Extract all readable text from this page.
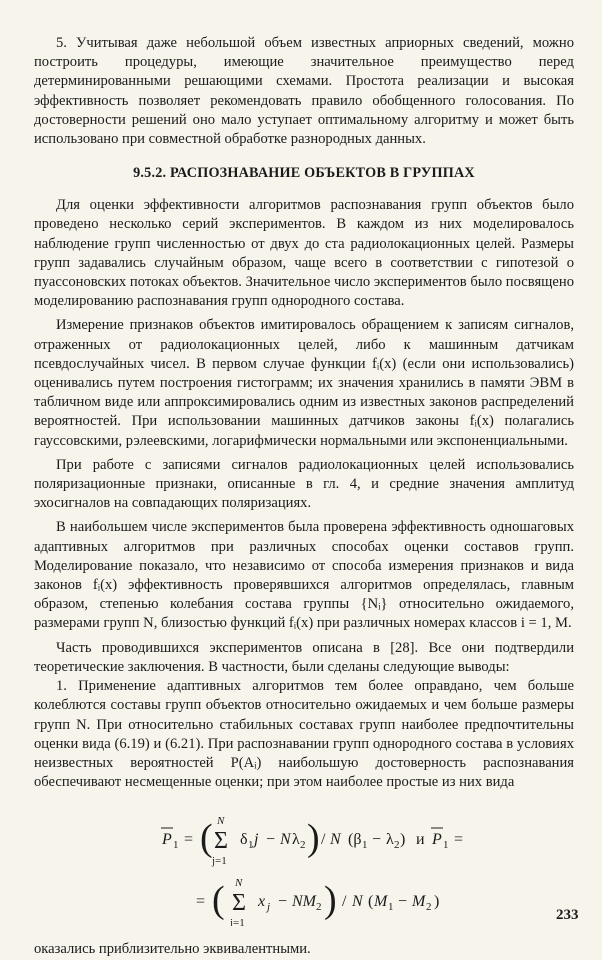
5. Учитывая даже небольшой объем известных априорных сведений, можно построить процедуры, имеющие значительное преимущество перед детерминированными решающими схемами. Простота реализации и высокая эффективность позволяет рекомендовать правило обобщенного голосования. По достоверности решений оно мало уступает оптимальному алгоритму и может быть использовано при совместной обработке разнородных данных.

9.5.2. РАСПОЗНАВАНИЕ ОБЪЕКТОВ В ГРУППАХ

Для оценки эффективности алгоритмов распознавания групп объектов было проведено несколько серий экспериментов. В каждом из них моделировалось наблюдение групп численностью от двух до ста радиолокационных целей. Размеры групп задавались случайным образом, чаще всего в соответствии с гипотезой о пуассоновских потоках объектов. Значительное число экспериментов было посвящено моделированию распознавания групп однородного состава.

Измерение признаков объектов имитировалось обращением к записям сигналов, отраженных от радиолокационных целей, либо к машинным датчикам псевдослучайных чисел. В первом случае функции fᵢ(x) (если они использовались) оценивались путем построения гистограмм; их значения хранились в памяти ЭВМ в табличном виде или аппроксимировались одним из известных законов распределений вероятностей. При использовании машинных датчиков законы fᵢ(x) полагались гауссовскими, рэлеевскими, логарифмически нормальными или экспоненциальными.

При работе с записями сигналов радиолокационных целей использовались поляризационные признаки, описанные в гл. 4, и средние значения амплитуд эхосигналов на совпадающих поляризациях.

В наибольшем числе экспериментов была проверена эффективность одношаговых адаптивных алгоритмов при различных способах оценки составов групп. Моделирование показало, что независимо от способа измерения признаков и вида законов fᵢ(x) эффективность проверявшихся алгоритмов определялась, главным образом, степенью колебания состава группы {Nᵢ} относительно ожидаемого, размерами групп N, близостью функций fᵢ(x) при различных номерах классов i = 1, M.

Часть проводившихся экспериментов описана в [28]. Все они подтвердили теоретические заключения. В частности, были сделаны следующие выводы:

1. Применение адаптивных алгоритмов тем более оправдано, чем больше колеблются составы групп объектов относительно ожидаемых и чем больше размеры групп N. При относительно стабильных составах групп наиболее предпочтительны оценки вида (6.19) и (6.21). При распознавании групп однородного состава в условиях неизвестных вероятностей P(Aᵢ) наибольшую достоверность распознавания обеспечивают несмещенные оценки; при этом наиболее простые из них вида

P 1 = ( N
Σ
j=1
δ 1 j − N λ 2 ) / N (β 1 − λ 2 ) и P 1 =
= ( N
Σ
j=1
x j − NM 2 ) / N ( M 1 − M 2 )

оказались приблизительно эквивалентными.

233
